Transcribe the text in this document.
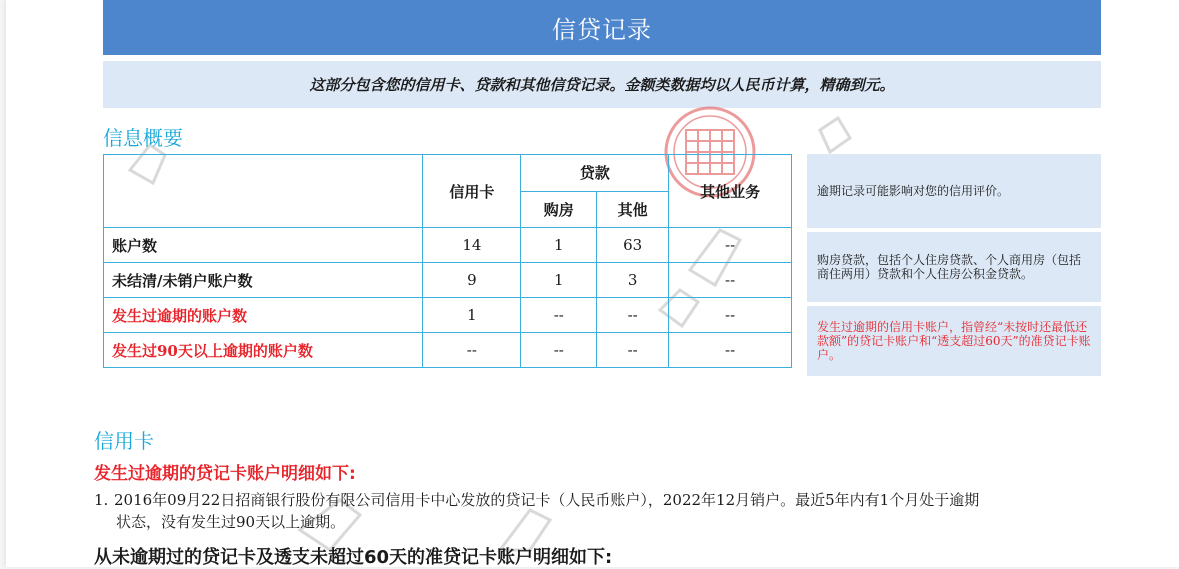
信贷记录
这部分包含您的信用卡、贷款和其他信贷记录。金额类数据均以人民币计算，精确到元。
信息概要
	信用卡	贷款		其他业务
		购房	其他	
账户数	14	1	63	--
未结清/未销户账户数	9	1	3	--
发生过逾期的账户数	1	--	--	--
发生过90天以上逾期的账户数	--	--	--	--
逾期记录可能影响对您的信用评价。
购房贷款，包括个人住房贷款、个人商用房（包括商住两用）贷款和个人住房公积金贷款。
发生过逾期的信用卡账户，指曾经“未按时还最低还款额”的贷记卡账户和“透支超过60天”的准贷记卡账户。
信用卡
发生过逾期的贷记卡账户明细如下:
1. 2016年09月22日招商银行股份有限公司信用卡中心发放的贷记卡（人民币账户），2022年12月销户。最近5年内有1个月处于逾期
状态，没有发生过90天以上逾期。
从未逾期过的贷记卡及透支未超过60天的准贷记卡账户明细如下:
